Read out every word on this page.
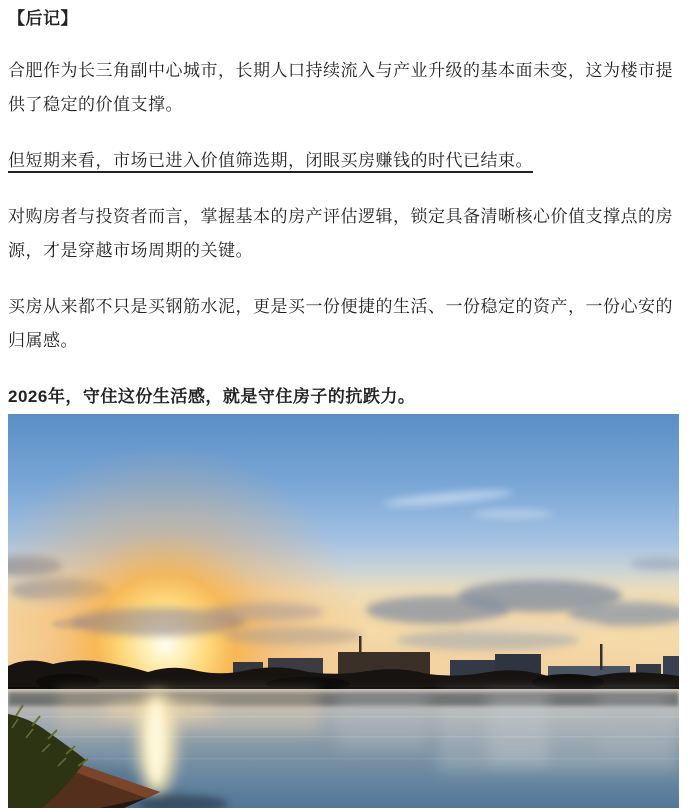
【后记】

合肥作为长三角副中心城市，长期人口持续流入与产业升级的基本面未变，这为楼市提供了稳定的价值支撑。

但短期来看，市场已进入价值筛选期，闭眼买房赚钱的时代已结束。

对购房者与投资者而言，掌握基本的房产评估逻辑，锁定具备清晰核心价值支撑点的房源，才是穿越市场周期的关键。

买房从来都不只是买钢筋水泥，更是买一份便捷的生活、一份稳定的资产，一份心安的归属感。

2026年，守住这份生活感，就是守住房子的抗跌力。
